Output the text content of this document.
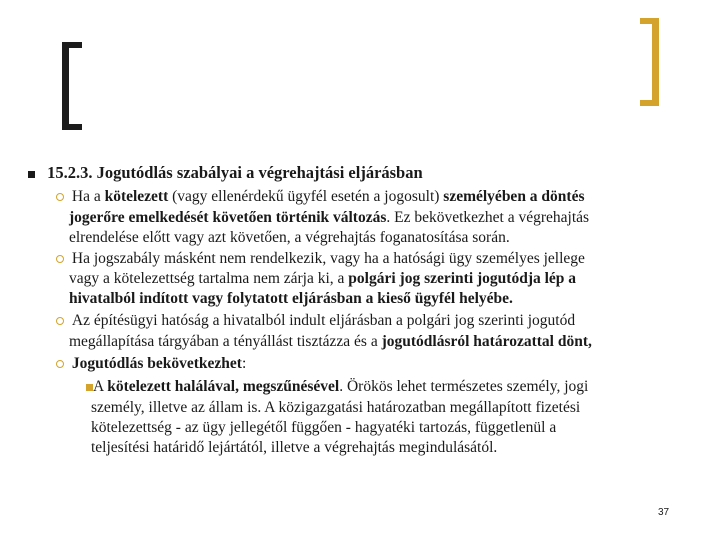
15.2.3. Jogutódlás szabályai a végrehajtási eljárásban
Ha a kötelezett (vagy ellenérdekű ügyfél esetén a jogosult) személyében a döntés
jogerőre emelkedését követően történik változás. Ez bekövetkezhet a végrehajtás
elrendelése előtt vagy azt követően, a végrehajtás foganatosítása során.
Ha jogszabály másként nem rendelkezik, vagy ha a hatósági ügy személyes jellege
vagy a kötelezettség tartalma nem zárja ki, a polgári jog szerinti jogutódja lép a
hivatalból indított vagy folytatott eljárásban a kieső ügyfél helyébe.
Az építésügyi hatóság a hivatalból indult eljárásban a polgári jog szerinti jogutód
megállapítása tárgyában a tényállást tisztázza és a jogutódlásról határozattal dönt,
Jogutódlás bekövetkezhet:
A kötelezett halálával, megszűnésével. Örökös lehet természetes személy, jogi
személy, illetve az állam is. A közigazgatási határozatban megállapított fizetési
kötelezettség - az ügy jellegétől függően - hagyatéki tartozás, függetlenül a
teljesítési határidő lejártától, illetve a végrehajtás megindulásától.
37
